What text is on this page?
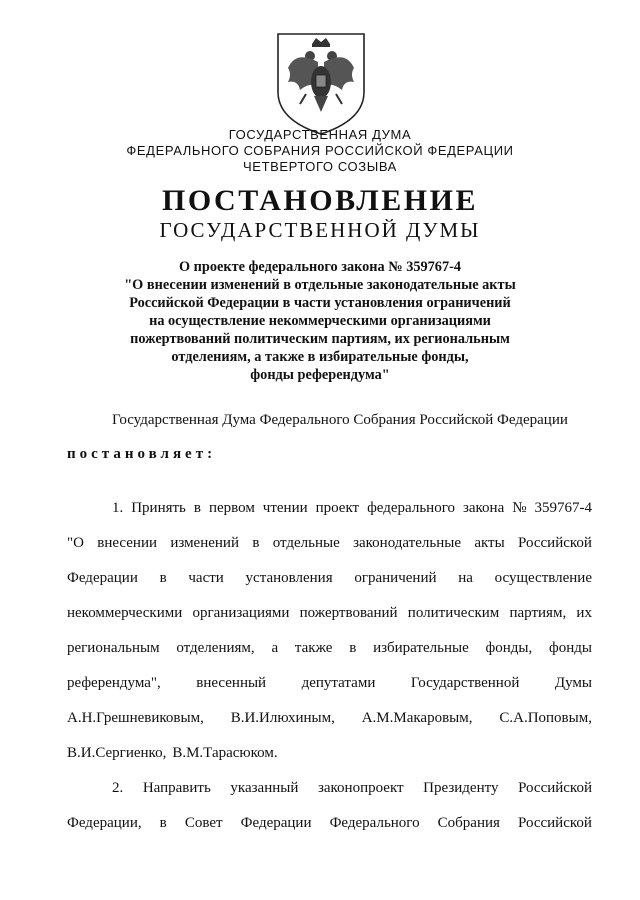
ГОСУДАРСТВЕННАЯ ДУМА
ФЕДЕРАЛЬНОГО СОБРАНИЯ РОССИЙСКОЙ ФЕДЕРАЦИИ
ЧЕТВЕРТОГО СОЗЫВА
ПОСТАНОВЛЕНИЕ
ГОСУДАРСТВЕННОЙ ДУМЫ
О проекте федерального закона № 359767-4
"О внесении изменений в отдельные законодательные акты
Российской Федерации в части установления ограничений
на осуществление некоммерческими организациями
пожертвований политическим партиям, их региональным
отделениям, а также в избирательные фонды,
фонды референдума"
Государственная Дума Федерального Собрания Российской Федерации
постановляет:
1. Принять в первом чтении проект федерального закона № 359767-4
"О внесении изменений в отдельные законодательные акты Российской
Федерации в части установления ограничений на осуществление
некоммерческими организациями пожертвований политическим партиям, их
региональным отделениям, а также в избирательные фонды, фонды
референдума", внесенный депутатами Государственной Думы
А.Н.Грешневиковым, В.И.Илюхиным, А.М.Макаровым, С.А.Поповым,
В.И.Сергиенко, В.М.Тарасюком.
2. Направить указанный законопроект Президенту Российской
Федерации, в Совет Федерации Федерального Собрания Российской
